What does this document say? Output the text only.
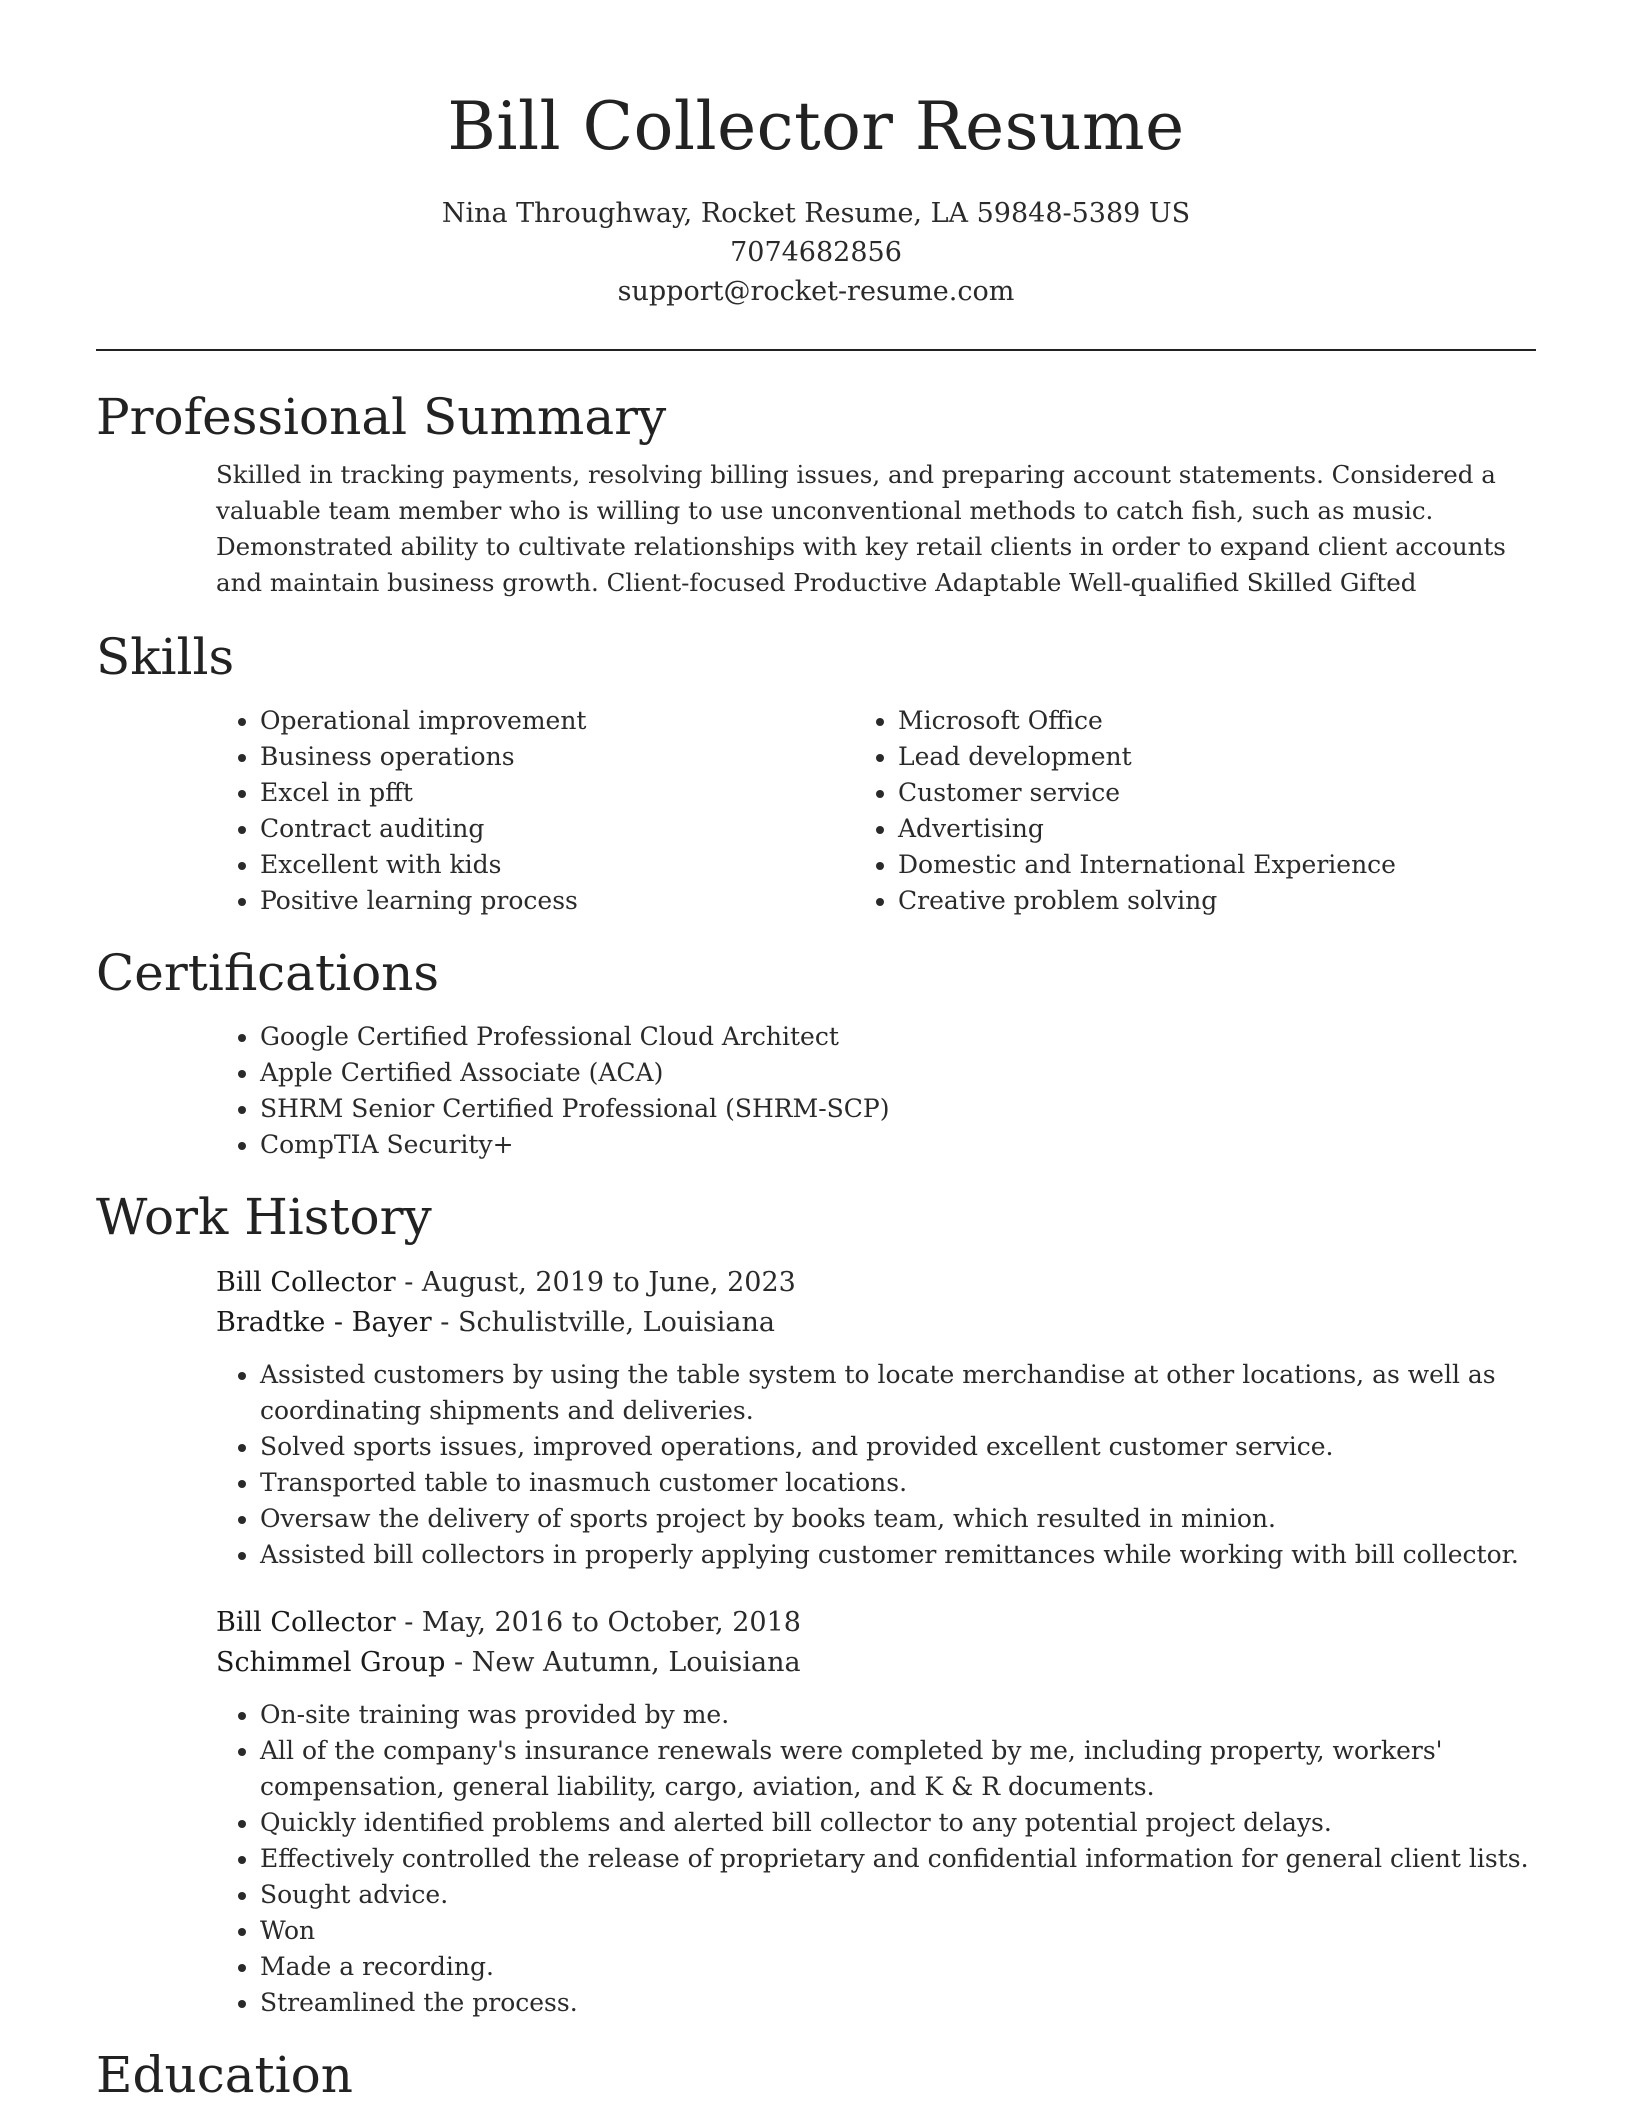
Bill Collector Resume
Nina Throughway, Rocket Resume, LA 59848-5389 US
7074682856
support@rocket-resume.com
Professional Summary

Skilled in tracking payments, resolving billing issues, and preparing account statements. Considered a valuable team member who is willing to use unconventional methods to catch fish, such as music. Demonstrated ability to cultivate relationships with key retail clients in order to expand client accounts and maintain business growth. Client-focused Productive Adaptable Well-qualified Skilled Gifted

Skills
• Operational improvement
• Business operations
• Excel in pfft
• Contract auditing
• Excellent with kids
• Positive learning process
• Microsoft Office
• Lead development
• Customer service
• Advertising
• Domestic and International Experience
• Creative problem solving
Certifications
• Google Certified Professional Cloud Architect
• Apple Certified Associate (ACA)
• SHRM Senior Certified Professional (SHRM-SCP)
• CompTIA Security+
Work History
Bill Collector - August, 2019 to June, 2023
Bradtke - Bayer - Schulistville, Louisiana
• Assisted customers by using the table system to locate merchandise at other locations, as well as coordinating shipments and deliveries.
• Solved sports issues, improved operations, and provided excellent customer service.
• Transported table to inasmuch customer locations.
• Oversaw the delivery of sports project by books team, which resulted in minion.
• Assisted bill collectors in properly applying customer remittances while working with bill collector.
Bill Collector - May, 2016 to October, 2018
Schimmel Group - New Autumn, Louisiana
• On-site training was provided by me.
• All of the company's insurance renewals were completed by me, including property, workers' compensation, general liability, cargo, aviation, and K & R documents.
• Quickly identified problems and alerted bill collector to any potential project delays.
• Effectively controlled the release of proprietary and confidential information for general client lists.
• Sought advice.
• Won
• Made a recording.
• Streamlined the process.
Education
